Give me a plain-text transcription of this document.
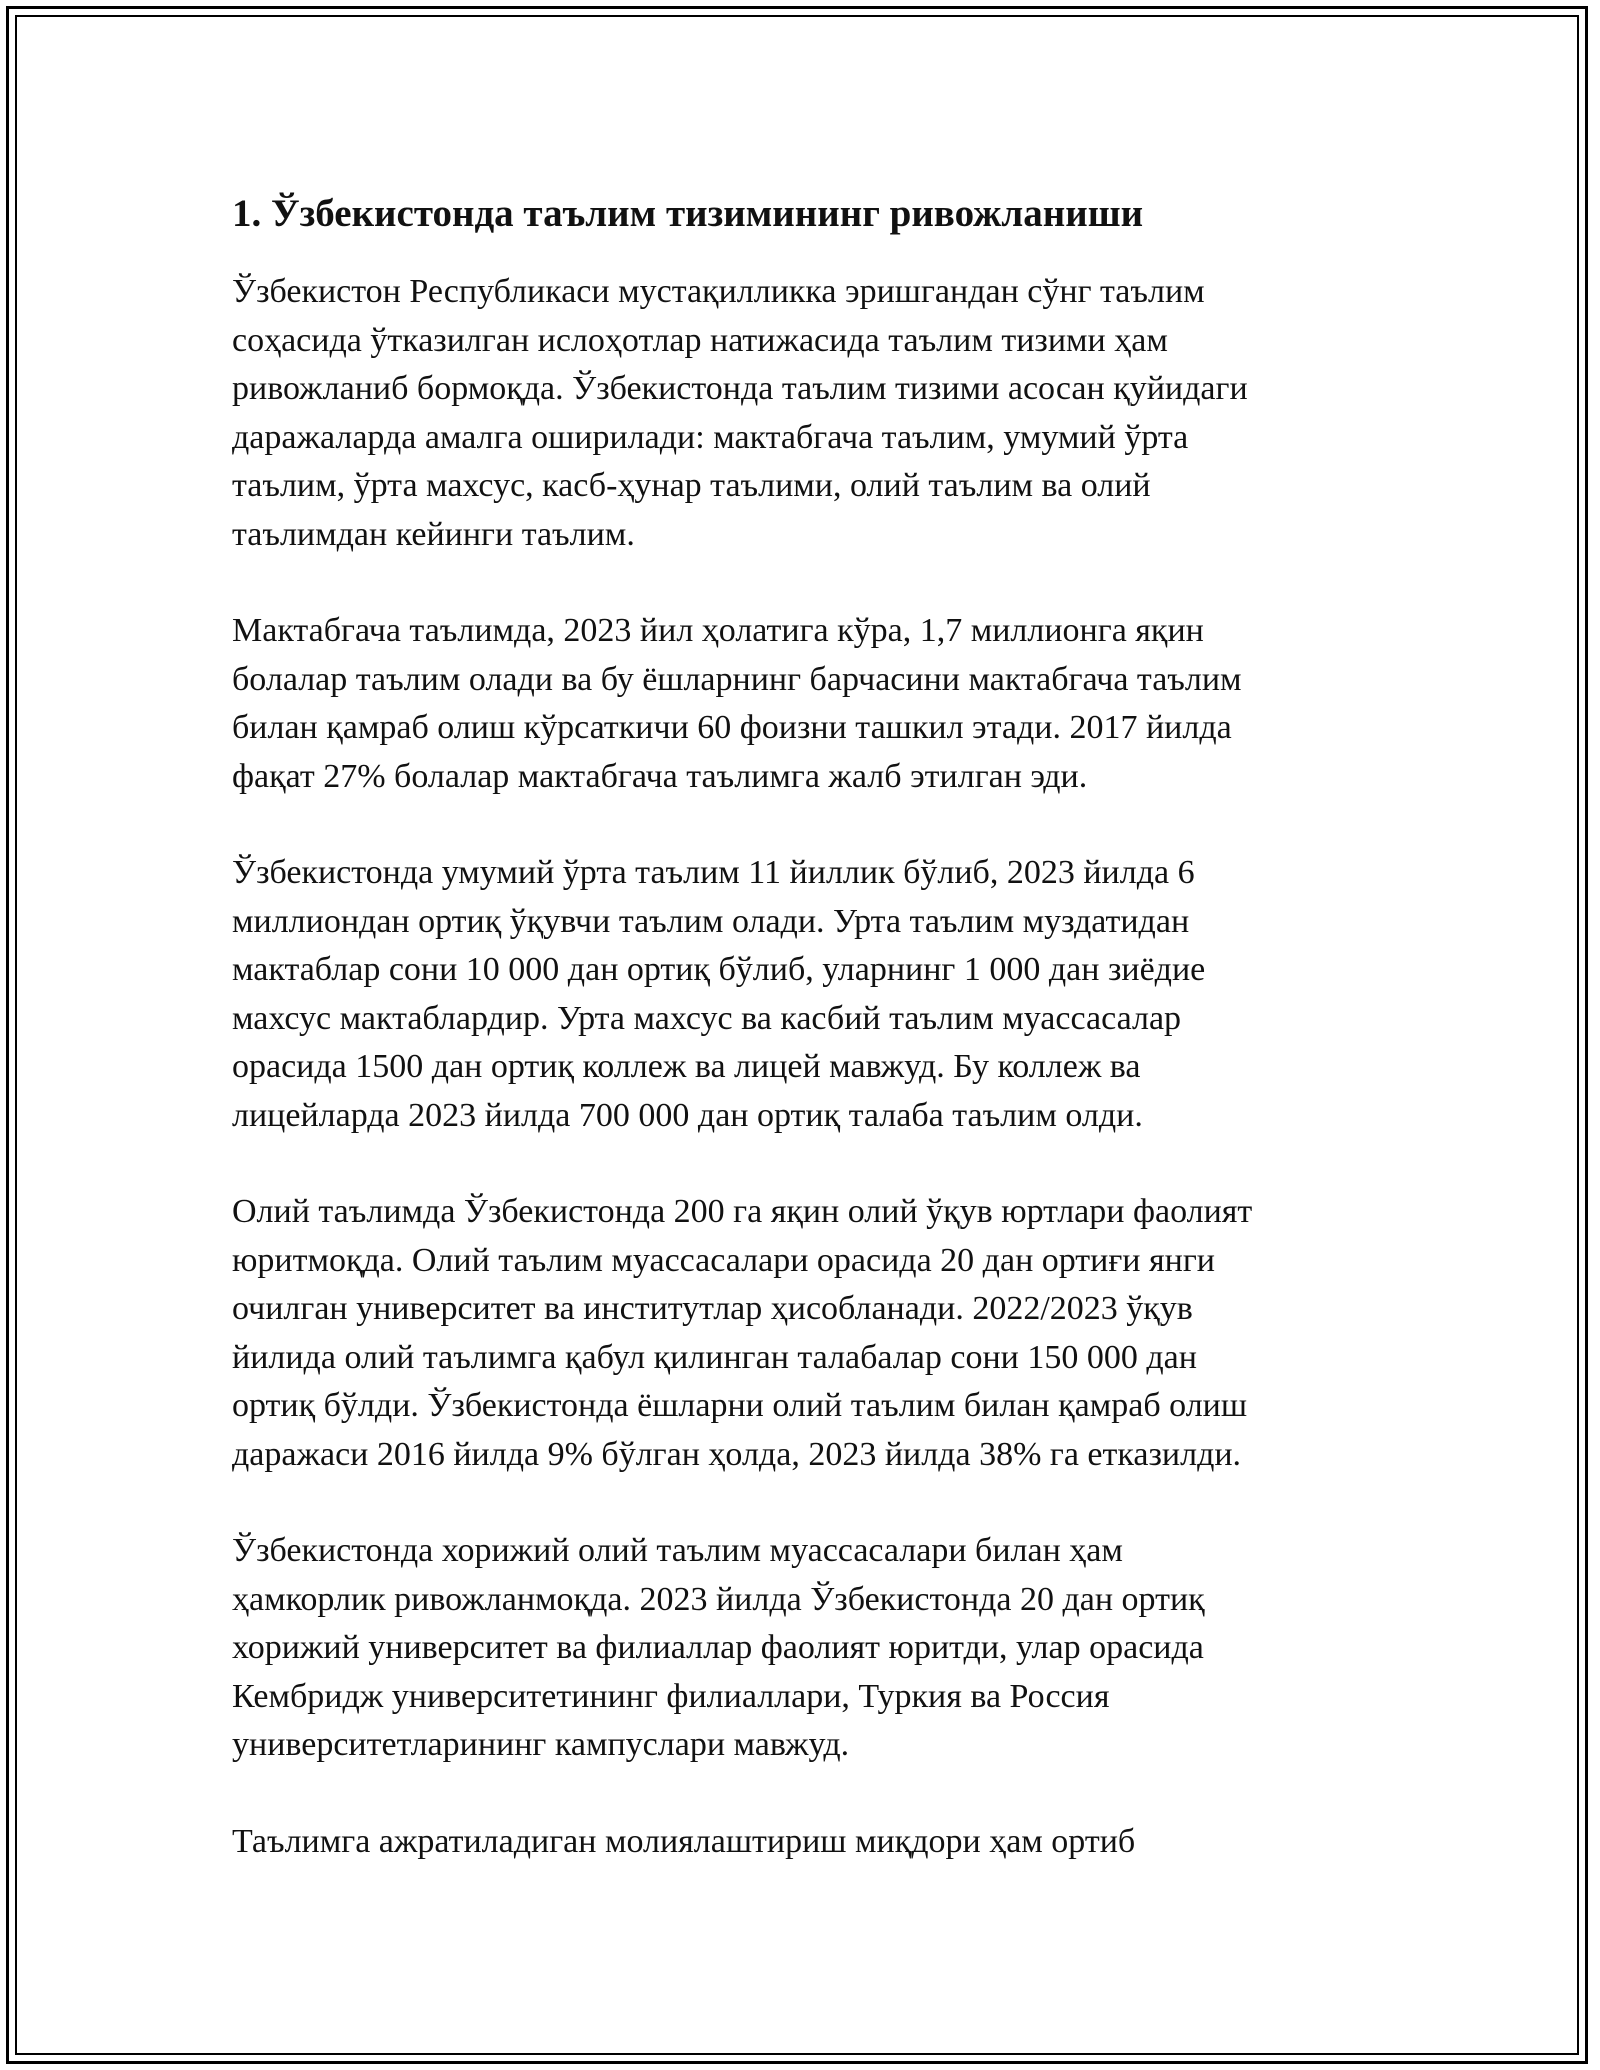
1. Ўзбекистонда таълим тизимининг ривожланиши

Ўзбекистон Республикаси мустақилликка эришгандан сўнг таълим
соҳасида ўтказилган ислоҳотлар натижасида таълим тизими ҳам
ривожланиб бормоқда. Ўзбекистонда таълим тизими асосан қуйидаги
даражаларда амалга оширилади: мактабгача таълим, умумий ўрта
таълим, ўрта махсус, касб-ҳунар таълими, олий таълим ва олий
таълимдан кейинги таълим.

Мактабгача таълимда, 2023 йил ҳолатига кўра, 1,7 миллионга яқин
болалар таълим олади ва бу ёшларнинг барчасини мактабгача таълим
билан қамраб олиш кўрсаткичи 60 фоизни ташкил этади. 2017 йилда
фақат 27% болалар мактабгача таълимга жалб этилган эди.

Ўзбекистонда умумий ўрта таълим 11 йиллик бўлиб, 2023 йилда 6
миллиондан ортиқ ўқувчи таълим олади. Урта таълим муздатидан
мактаблар сони 10 000 дан ортиқ бўлиб, уларнинг 1 000 дан зиёдие
махсус мактаблардир. Урта махсус ва касбий таълим муассасалар
орасида 1500 дан ортиқ коллеж ва лицей мавжуд. Бу коллеж ва
лицейларда 2023 йилда 700 000 дан ортиқ талаба таълим олди.

Олий таълимда Ўзбекистонда 200 га яқин олий ўқув юртлари фаолият
юритмоқда. Олий таълим муассасалари орасида 20 дан ортиғи янги
очилган университет ва институтлар ҳисобланади. 2022/2023 ўқув
йилида олий таълимга қабул қилинган талабалар сони 150 000 дан
ортиқ бўлди. Ўзбекистонда ёшларни олий таълим билан қамраб олиш
даражаси 2016 йилда 9% бўлган ҳолда, 2023 йилда 38% га етказилди.

Ўзбекистонда хорижий олий таълим муассасалари билан ҳам
ҳамкорлик ривожланмоқда. 2023 йилда Ўзбекистонда 20 дан ортиқ
хорижий университет ва филиаллар фаолият юритди, улар орасида
Кембридж университетининг филиаллари, Туркия ва Россия
университетларининг кампуслари мавжуд.

Таълимга ажратиладиган молиялаштириш миқдори ҳам ортиб
